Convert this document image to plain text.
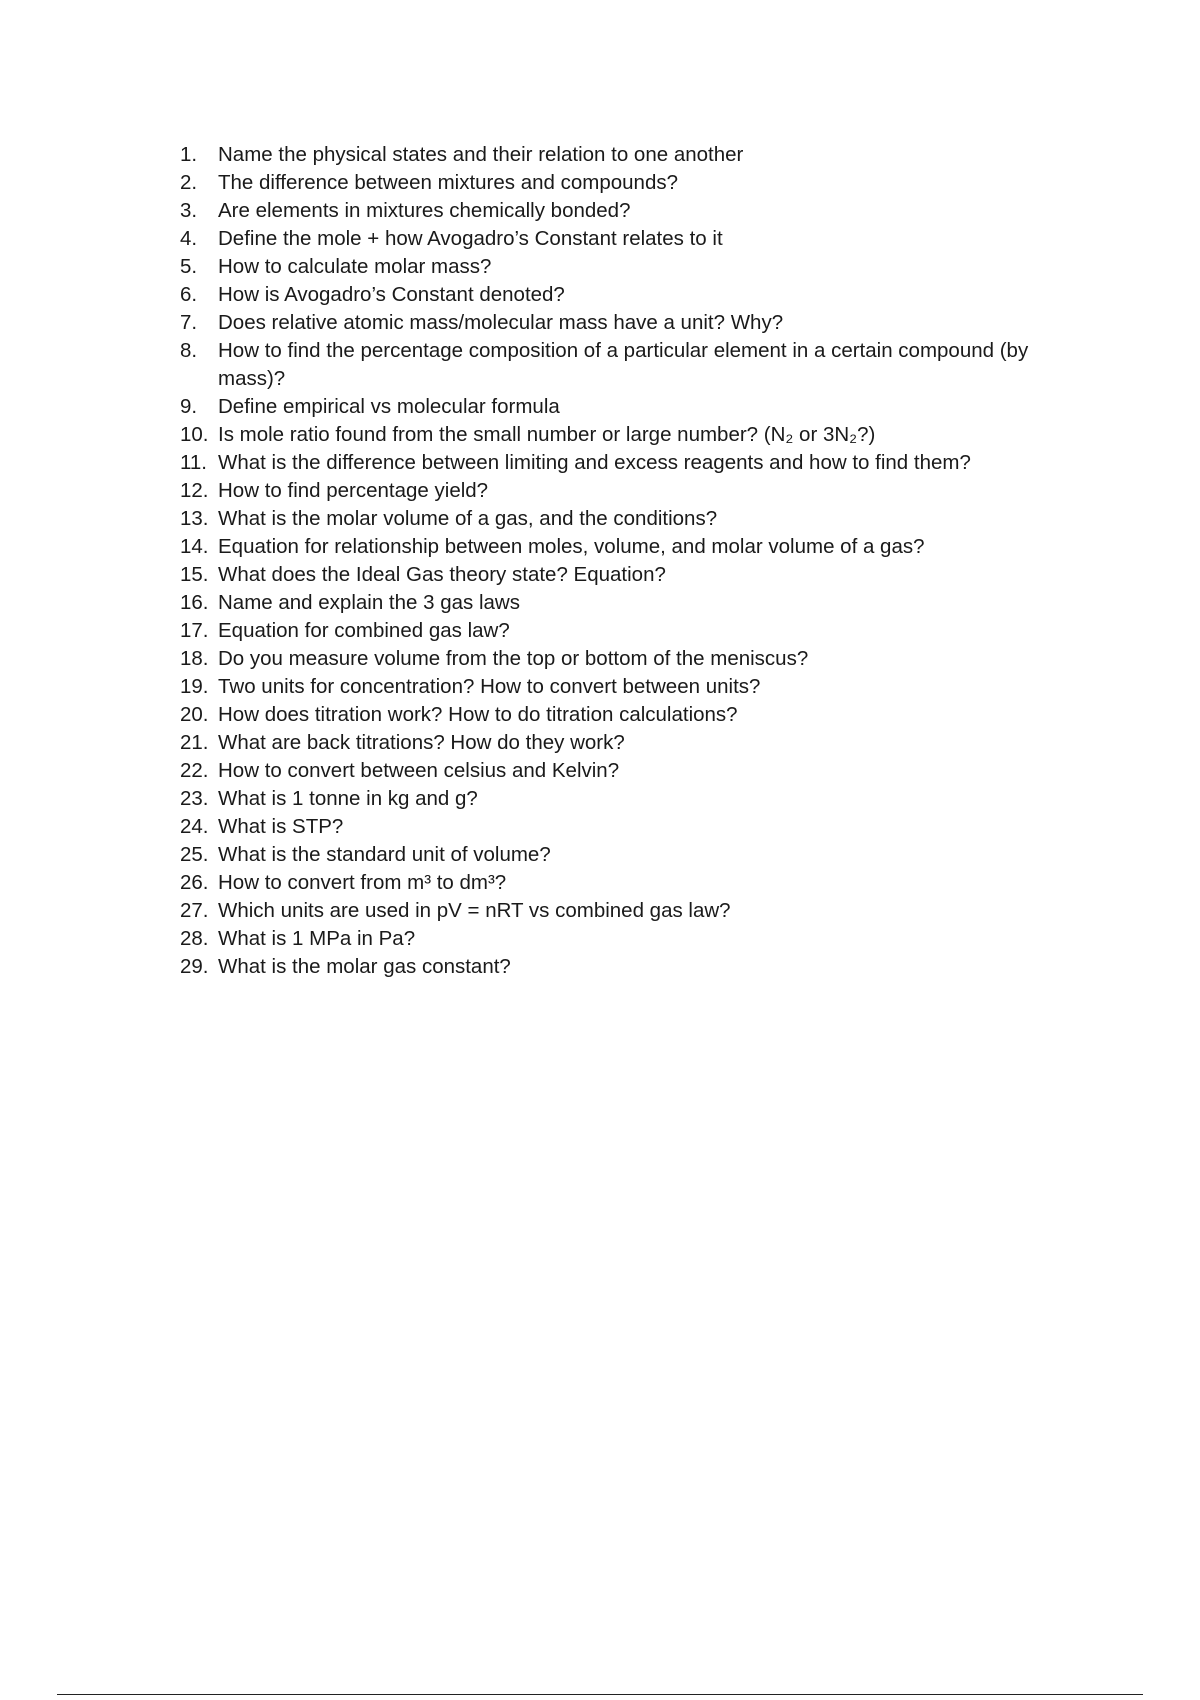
1.	Name the physical states and their relation to one another
2.	The difference between mixtures and compounds?
3.	Are elements in mixtures chemically bonded?
4.	Define the mole + how Avogadro’s Constant relates to it
5.	How to calculate molar mass?
6.	How is Avogadro’s Constant denoted?
7.	Does relative atomic mass/molecular mass have a unit? Why?
8.	How to find the percentage composition of a particular element in a certain compound (by mass)?
9.	Define empirical vs molecular formula
10. Is mole ratio found from the small number or large number? (N₂ or 3N₂?)
11. What is the difference between limiting and excess reagents and how to find them?
12. How to find percentage yield?
13. What is the molar volume of a gas, and the conditions?
14. Equation for relationship between moles, volume, and molar volume of a gas?
15. What does the Ideal Gas theory state? Equation?
16. Name and explain the 3 gas laws
17. Equation for combined gas law?
18. Do you measure volume from the top or bottom of the meniscus?
19. Two units for concentration? How to convert between units?
20. How does titration work? How to do titration calculations?
21. What are back titrations? How do they work?
22. How to convert between celsius and Kelvin?
23. What is 1 tonne in kg and g?
24. What is STP?
25. What is the standard unit of volume?
26. How to convert from m³ to dm³?
27. Which units are used in pV = nRT vs combined gas law?
28. What is 1 MPa in Pa?
29. What is the molar gas constant?
